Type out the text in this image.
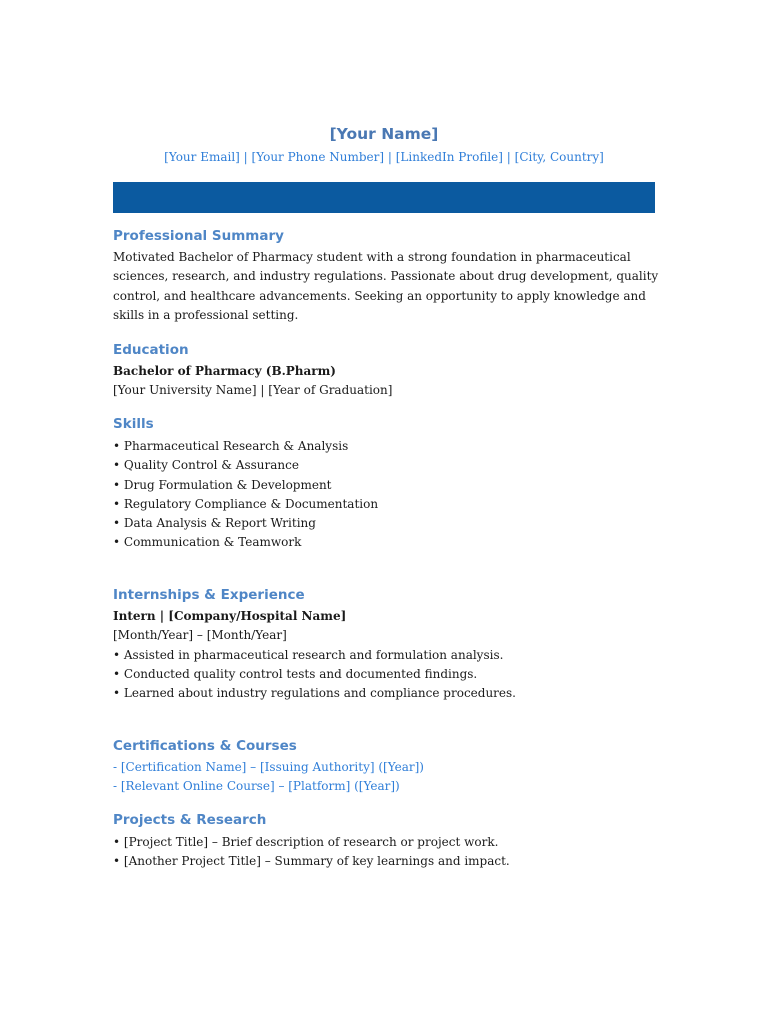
[Your Name]
[Your Email] | [Your Phone Number] | [LinkedIn Profile] | [City, Country]
Professional Summary
Motivated Bachelor of Pharmacy student with a strong foundation in pharmaceutical
sciences, research, and industry regulations. Passionate about drug development, quality
control, and healthcare advancements. Seeking an opportunity to apply knowledge and
skills in a professional setting.
Education
Bachelor of Pharmacy (B.Pharm)
[Your University Name] | [Year of Graduation]
Skills
• Pharmaceutical Research & Analysis
• Quality Control & Assurance
• Drug Formulation & Development
• Regulatory Compliance & Documentation
• Data Analysis & Report Writing
• Communication & Teamwork
Internships & Experience
Intern | [Company/Hospital Name]
[Month/Year] – [Month/Year]
• Assisted in pharmaceutical research and formulation analysis.
• Conducted quality control tests and documented findings.
• Learned about industry regulations and compliance procedures.
Certifications & Courses
- [Certification Name] – [Issuing Authority] ([Year])
- [Relevant Online Course] – [Platform] ([Year])
Projects & Research
• [Project Title] – Brief description of research or project work.
• [Another Project Title] – Summary of key learnings and impact.
